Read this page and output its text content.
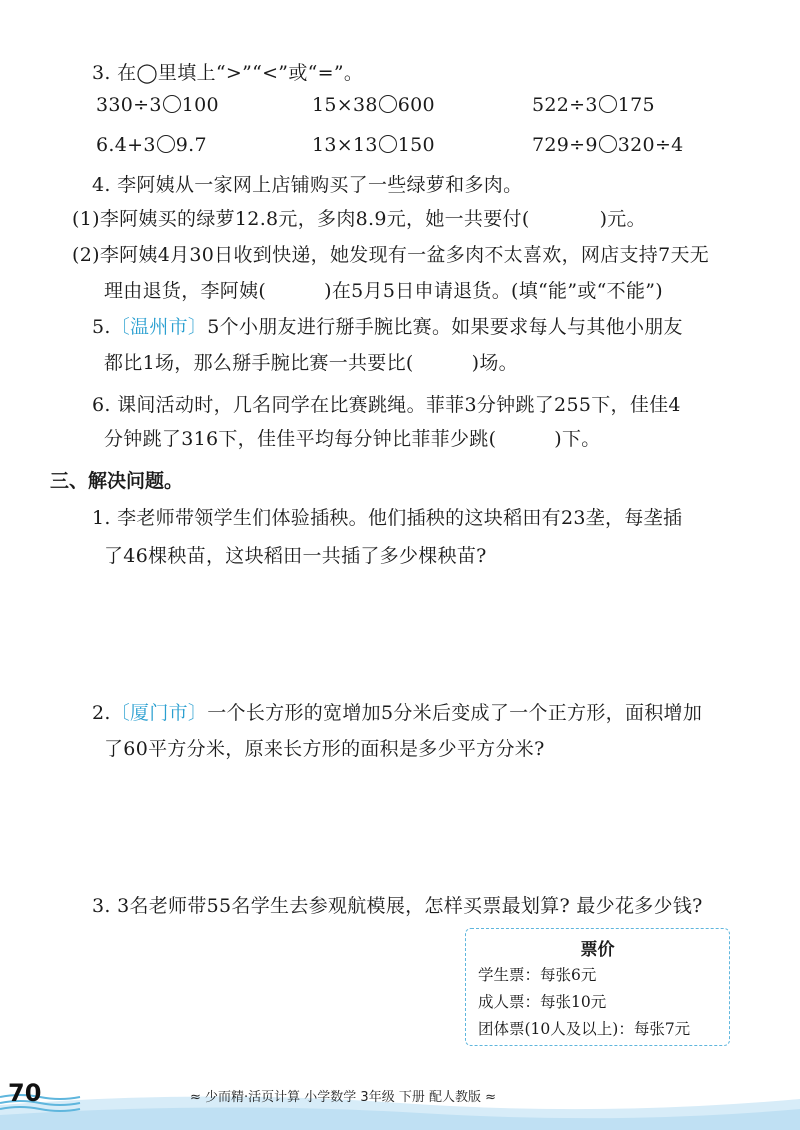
3. 在◯里填上“>”“<”或“=”。
330÷3 100	15×38 600	522÷3 175
6.4+3 9.7	13×13 150	729÷9 320÷4
4. 李阿姨从一家网上店铺购买了一些绿萝和多肉。
(1)李阿姨买的绿萝12.8元，多肉8.9元，她一共要付(	)元。
(2)李阿姨4月30日收到快递，她发现有一盆多肉不太喜欢，网店支持7天无
理由退货，李阿姨(	)在5月5日申请退货。(填“能”或“不能”)
5.〔温州市〕5个小朋友进行掰手腕比赛。如果要求每人与其他小朋友
都比1场，那么掰手腕比赛一共要比(	)场。
6. 课间活动时，几名同学在比赛跳绳。菲菲3分钟跳了255下，佳佳4
分钟跳了316下，佳佳平均每分钟比菲菲少跳(	)下。
三、解决问题。
1. 李老师带领学生们体验插秧。他们插秧的这块稻田有23垄，每垄插
了46棵秧苗，这块稻田一共插了多少棵秧苗?
2.〔厦门市〕一个长方形的宽增加5分米后变成了一个正方形，面积增加
了60平方分米，原来长方形的面积是多少平方分米?
3. 3名老师带55名学生去参观航模展，怎样买票最划算? 最少花多少钱?
票价
学生票：每张6元
成人票：每张10元
团体票(10人及以上)：每张7元
70	≈ 少而精·活页计算 小学数学 3年级 下册 配人教版 ≈
